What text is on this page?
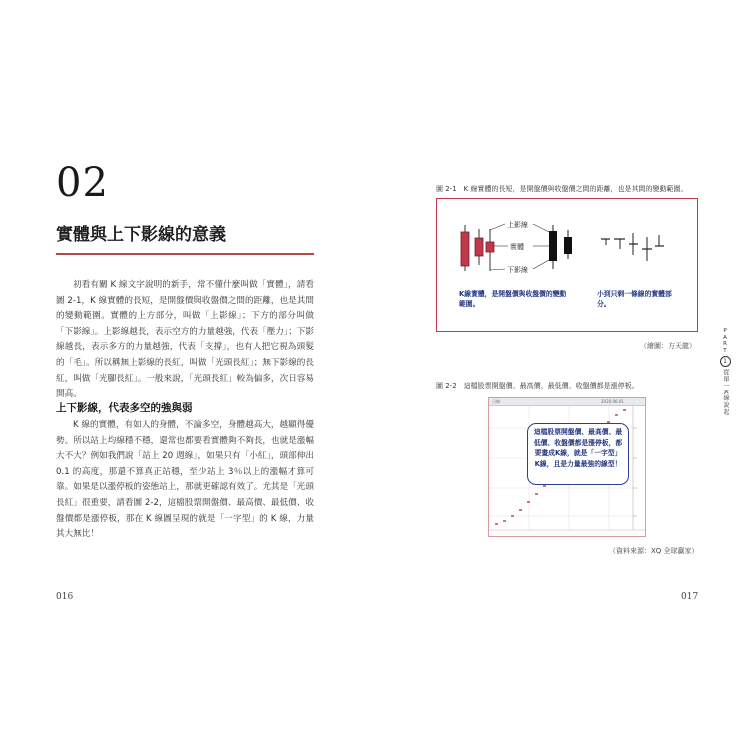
02
實體與上下影線的意義

初看有關 K 線文字說明的新手，常不懂什麼叫做「實體」，請看圖 2-1，K 線實體的長短，是開盤價與收盤價之間的距離，也是其間的變動範圍。實體的上方部分，叫做「上影線」；下方的部分叫做「下影線」。上影線越長，表示空方的力量越強，代表「壓力」；下影線越長，表示多方的力量越強，代表「支撐」，也有人把它視為頭髮的「毛」。所以稱無上影線的長紅，叫做「光頭長紅」；無下影線的長紅，叫做「光腳長紅」。一般來說，「光頭長紅」較為偏多，次日容易開高。

上下影線，代表多空的強與弱

K 線的實體，有如人的身體，不論多空，身體越高大，越顯得優勢。所以站上均線穩不穩，還常也都要看實體夠不夠長，也就是漲幅大不大？例如我們說「站上 20 週線」，如果只有「小紅」，頭部伸出 0.1 的高度，那還不算真正站穩，至少站上 3％以上的漲幅才算可靠。如果是以漲停板的姿態站上，那就更確認有效了。尤其是「光頭長紅」很重要，請看圖 2-2，這檔股票開盤價、最高價、最低價、收盤價都是漲停板，那在 K 線圖呈現的就是「一字型」的 K 線，力量其大無比！

016
圖 2-1　K 線實體的長短，是開盤價與收盤價之間的距離，也是其間的變動範圍。
上影線
實體
下影線
K線實體，是開盤價與收盤價的變動範圍。
小到只剩一條線的實體部分。
（繪圖：方天龍）
圖 2-2　這檔股票開盤價、最高價、最低價、收盤價都是漲停板。
日線	2020.06.01
這檔股票開盤價、最高價、最低價、收盤價都是漲停板，都要畫成K線，就是「一字型」K線，且是力量最強的線型！
（資料來源：XQ 全球贏家）
P
A
R
T
1
從單一K線說起
017
